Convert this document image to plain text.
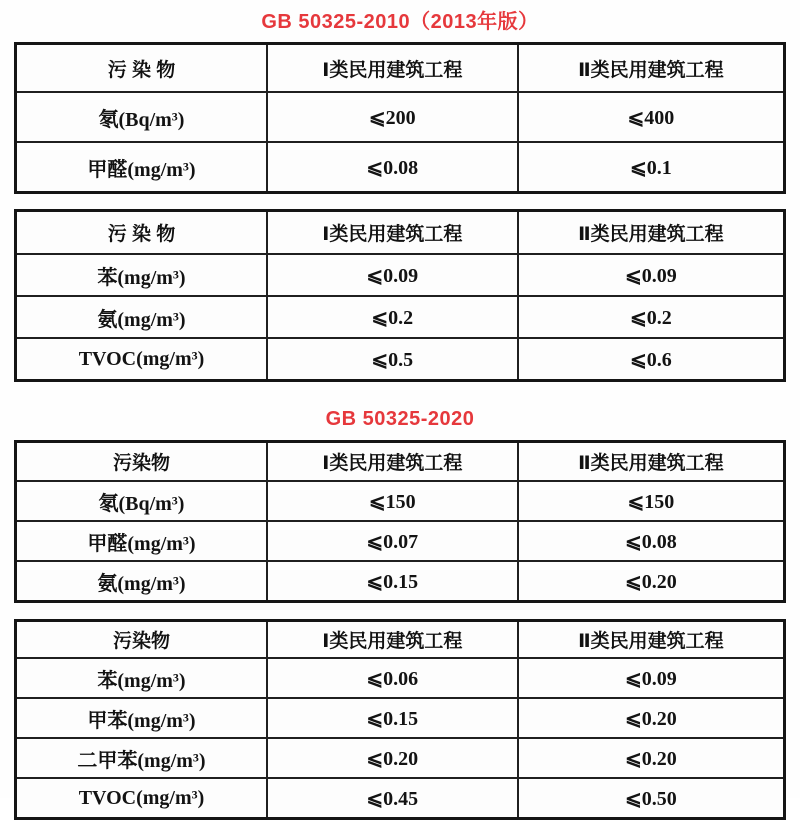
GB 50325-2010（2013年版）
污 染 物	Ⅰ类民用建筑工程	Ⅱ类民用建筑工程
氡(Bq/m³)	⩽200	⩽400
甲醛(mg/m³)	⩽0.08	⩽0.1
污 染 物	Ⅰ类民用建筑工程	Ⅱ类民用建筑工程
苯(mg/m³)	⩽0.09	⩽0.09
氨(mg/m³)	⩽0.2	⩽0.2
TVOC(mg/m³)	⩽0.5	⩽0.6
GB 50325-2020
污染物	Ⅰ类民用建筑工程	Ⅱ类民用建筑工程
氡(Bq/m³)	⩽150	⩽150
甲醛(mg/m³)	⩽0.07	⩽0.08
氨(mg/m³)	⩽0.15	⩽0.20
污染物	Ⅰ类民用建筑工程	Ⅱ类民用建筑工程
苯(mg/m³)	⩽0.06	⩽0.09
甲苯(mg/m³)	⩽0.15	⩽0.20
二甲苯(mg/m³)	⩽0.20	⩽0.20
TVOC(mg/m³)	⩽0.45	⩽0.50
